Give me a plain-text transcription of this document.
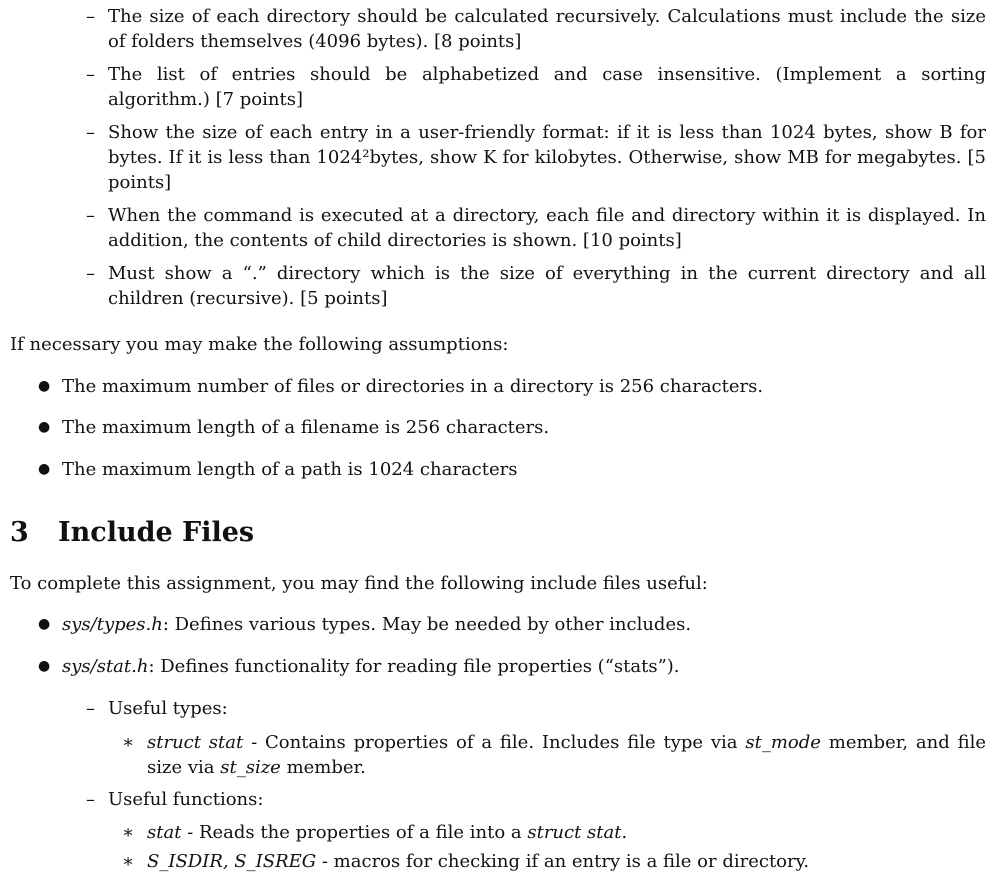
– The size of each directory should be calculated recursively. Calculations must include the size of folders themselves (4096 bytes). [8 points]
– The list of entries should be alphabetized and case insensitive. (Implement a sorting algorithm.) [7 points]
– Show the size of each entry in a user-friendly format: if it is less than 1024 bytes, show B for bytes. If it is less than 1024²bytes, show K for kilobytes. Otherwise, show MB for megabytes. [5 points]
– When the command is executed at a directory, each file and directory within it is displayed. In addition, the contents of child directories is shown. [10 points]
– Must show a “.” directory which is the size of everything in the current directory and all children (recursive). [5 points]
If necessary you may make the following assumptions:
● The maximum number of files or directories in a directory is 256 characters.
● The maximum length of a filename is 256 characters.
● The maximum length of a path is 1024 characters
3 Include Files
To complete this assignment, you may find the following include files useful:
● sys/types.h: Defines various types. May be needed by other includes.
● sys/stat.h: Defines functionality for reading file properties (“stats”).
– Useful types:
∗ struct stat - Contains properties of a file. Includes file type via st_mode member, and file size via st_size member.
– Useful functions:
∗ stat - Reads the properties of a file into a struct stat.
∗ S_ISDIR, S_ISREG - macros for checking if an entry is a file or directory.
